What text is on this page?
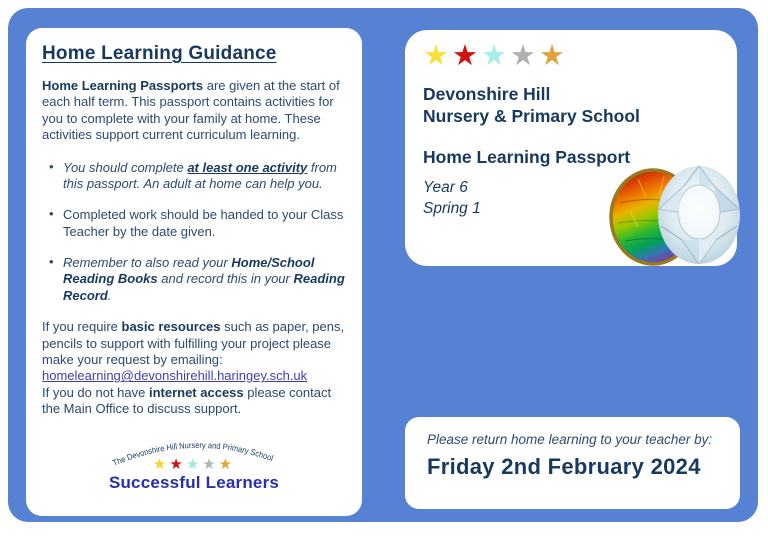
Home Learning Guidance

Home Learning Passports are given at the start of each half term. This passport contains activities for you to complete with your family at home. These activities support current curriculum learning.

• You should complete at least one activity from this passport. An adult at home can help you.
• Completed work should be handed to your Class Teacher by the date given.
• Remember to also read your Home/School Reading Books and record this in your Reading Record.

If you require basic resources such as paper, pens, pencils to support with fulfilling your project please make your request by emailing:
homelearning@devonshirehill.haringey.sch.uk
If you do not have internet access please contact the Main Office to discuss support.

The Devonshire Hill Nursery and Primary School
★★★★★
Successful Learners
★★★★★
Devonshire Hill
Nursery & Primary School
Home Learning Passport
Year 6
Spring 1
Please return home learning to your teacher by:
Friday 2nd February 2024
